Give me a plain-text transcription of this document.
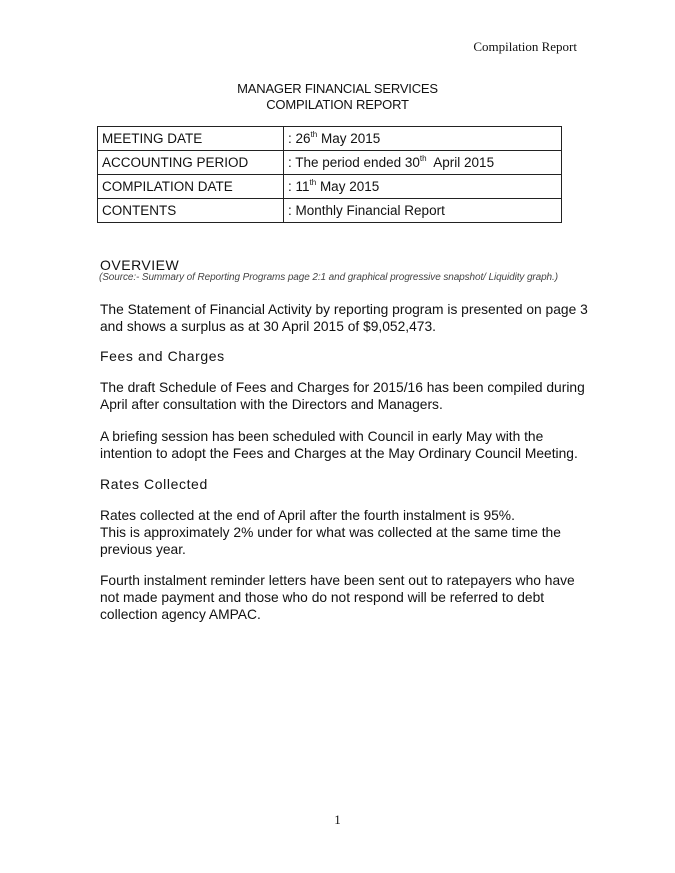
Compilation Report
MANAGER FINANCIAL SERVICES
COMPILATION REPORT
MEETING DATE	: 26th May 2015
ACCOUNTING PERIOD	: The period ended 30th  April 2015
COMPILATION DATE	: 11th May 2015
CONTENTS	: Monthly Financial Report
OVERVIEW
(Source:- Summary of Reporting Programs page 2:1 and graphical progressive snapshot/ Liquidity graph.)
The Statement of Financial Activity by reporting program is presented on page 3 and shows a surplus as at 30 April 2015 of $9,052,473.
Fees and Charges
The draft Schedule of Fees and Charges for 2015/16 has been compiled during April after consultation with the Directors and Managers.
A briefing session has been scheduled with Council in early May with the intention to adopt the Fees and Charges at the May Ordinary Council Meeting.
Rates Collected
Rates collected at the end of April after the fourth instalment is 95%.
This is approximately 2% under for what was collected at the same time the previous year.
Fourth instalment reminder letters have been sent out to ratepayers who have not made payment and those who do not respond will be referred to debt collection agency AMPAC.
1
